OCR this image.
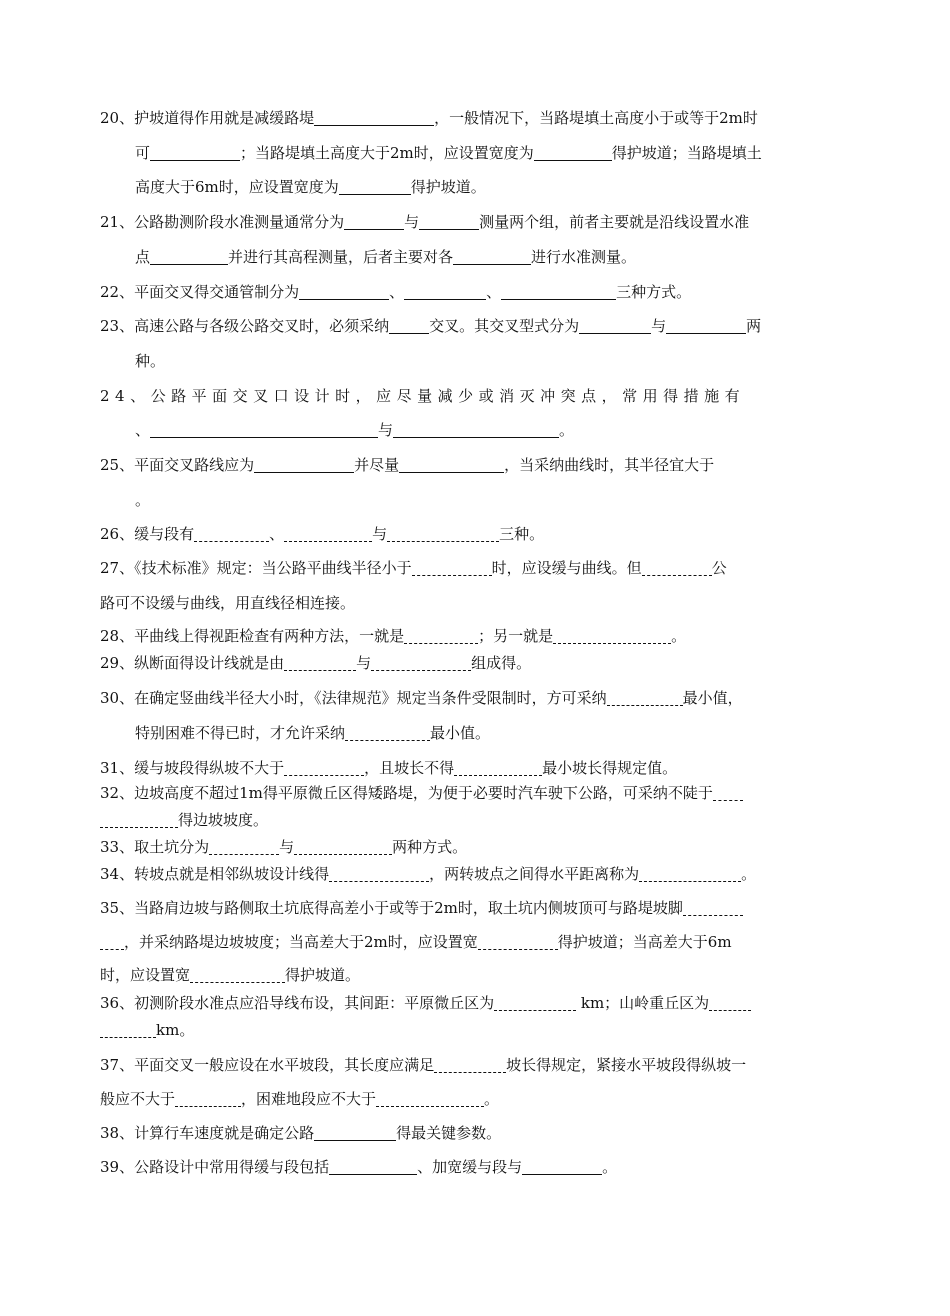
20、护坡道得作用就是减缓路堤	，一般情况下，当路堤填土高度小于或等于2m时
可	；当路堤填土高度大于2m时，应设置宽度为	得护坡道；当路堤填土
高度大于6m时，应设置宽度为	得护坡道。
21、公路勘测阶段水准测量通常分为	与	测量两个组，前者主要就是沿线设置水准
点	并进行其高程测量，后者主要对各	进行水准测量。
22、平面交叉得交通管制分为	、	、	三种方式。
23、高速公路与各级公路交叉时，必须采纳	交叉。其交叉型式分为	与	两
种。
24、公路平面交叉口设计时，应尽量减少或消灭冲突点，常用得措施有
、	与	。
25、平面交叉路线应为	并尽量	，当采纳曲线时，其半径宜大于
。
26、缓与段有	、	与	三种。
27、《技术标准》规定：当公路平曲线半径小于	时，应设缓与曲线。但	公
路可不设缓与曲线，用直线径相连接。
28、平曲线上得视距检查有两种方法，一就是	；另一就是	。
29、纵断面得设计线就是由	与	组成得。
30、在确定竖曲线半径大小时，《法律规范》规定当条件受限制时，方可采纳	最小值，
特别困难不得已时，才允许采纳	最小值。
31、缓与坡段得纵坡不大于	，且坡长不得	最小坡长得规定值。
32、边坡高度不超过1m得平原微丘区得矮路堤，为便于必要时汽车驶下公路，可采纳不陡于
得边坡坡度。
33、取土坑分为	与	两种方式。
34、转坡点就是相邻纵坡设计线得	，两转坡点之间得水平距离称为	。
35、当路肩边坡与路侧取土坑底得高差小于或等于2m时，取土坑内侧坡顶可与路堤坡脚
，并采纳路堤边坡坡度；当高差大于2m时，应设置宽	得护坡道；当高差大于6m
时，应设置宽	得护坡道。
36、初测阶段水准点应沿导线布设，其间距：平原微丘区为	km；山岭重丘区为
km。
37、平面交叉一般应设在水平坡段，其长度应满足	坡长得规定，紧接水平坡段得纵坡一
般应不大于	，困难地段应不大于	。
38、计算行车速度就是确定公路	得最关键参数。
39、公路设计中常用得缓与段包括	、加宽缓与段与	。
